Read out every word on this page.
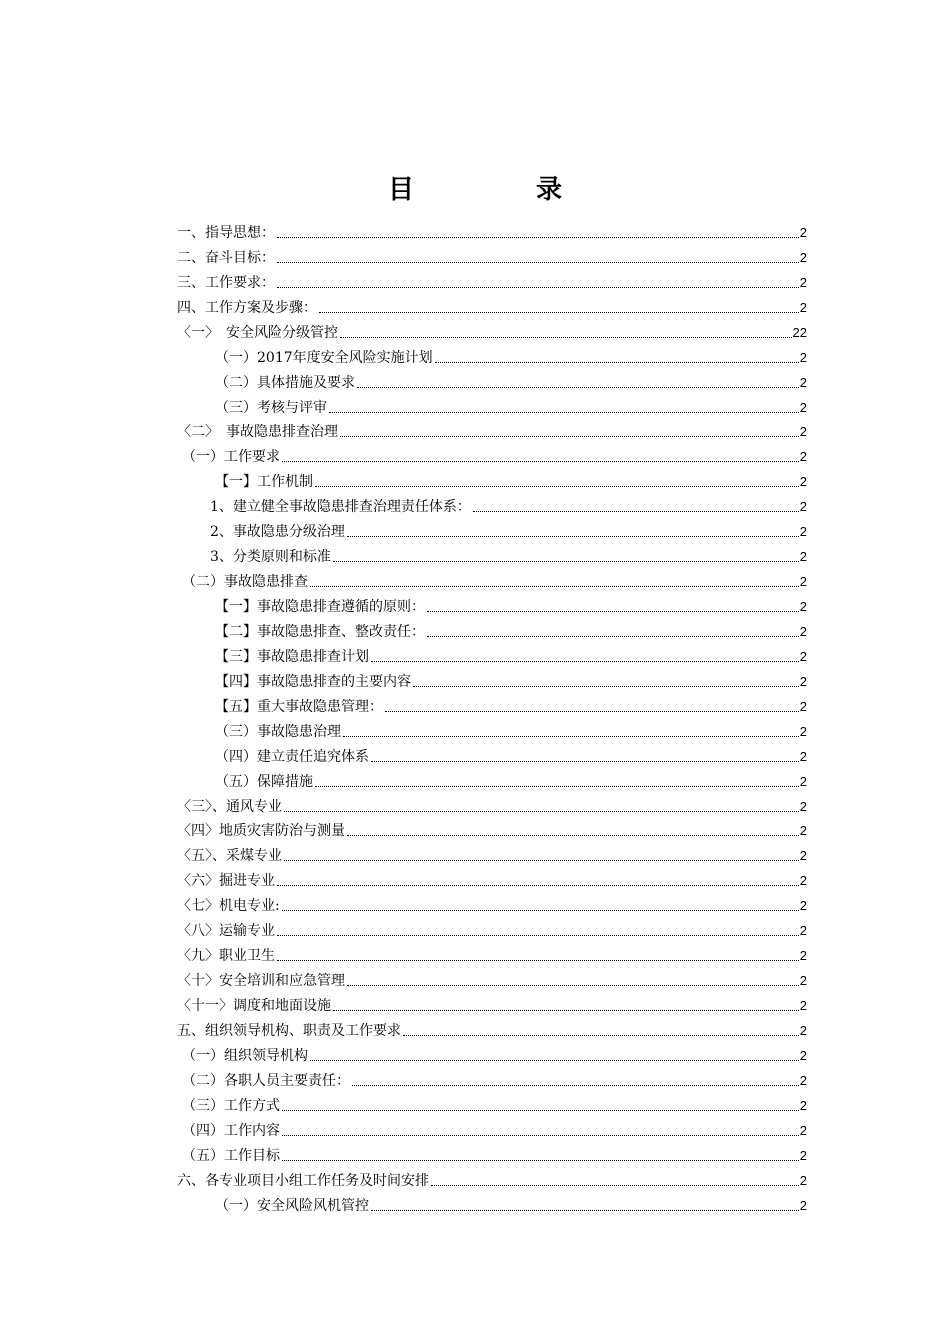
目　录
一、指导思想：	2
二、奋斗目标：	2
三、工作要求：	2
四、工作方案及步骤：	2
〈一〉　安全风险分级管控	22
（一）2017年度安全风险实施计划	2
（二）具体措施及要求	2
（三）考核与评审	2
〈二〉　事故隐患排查治理	2
（一）工作要求	2
【一】工作机制	2
1、建立健全事故隐患排查治理责任体系：	2
2、事故隐患分级治理	2
3、分类原则和标准	2
（二）事故隐患排查	2
【一】事故隐患排查遵循的原则：	2
【二】事故隐患排查、整改责任：	2
【三】事故隐患排查计划	2
【四】事故隐患排查的主要内容	2
【五】重大事故隐患管理：	2
（三）事故隐患治理	2
（四）建立责任追究体系	2
（五）保障措施	2
〈三〉、通风专业	2
〈四〉地质灾害防治与测量	2
〈五〉、采煤专业	2
〈六〉掘进专业	2
〈七〉机电专业:	2
〈八〉运输专业	2
〈九〉职业卫生	2
〈十〉安全培训和应急管理	2
〈十一〉调度和地面设施	2
五、组织领导机构、职责及工作要求	2
（一）组织领导机构	2
（二）各职人员主要责任：	2
（三）工作方式	2
（四）工作内容	2
（五）工作目标	2
六、各专业项目小组工作任务及时间安排	2
（一）安全风险风机管控	2
